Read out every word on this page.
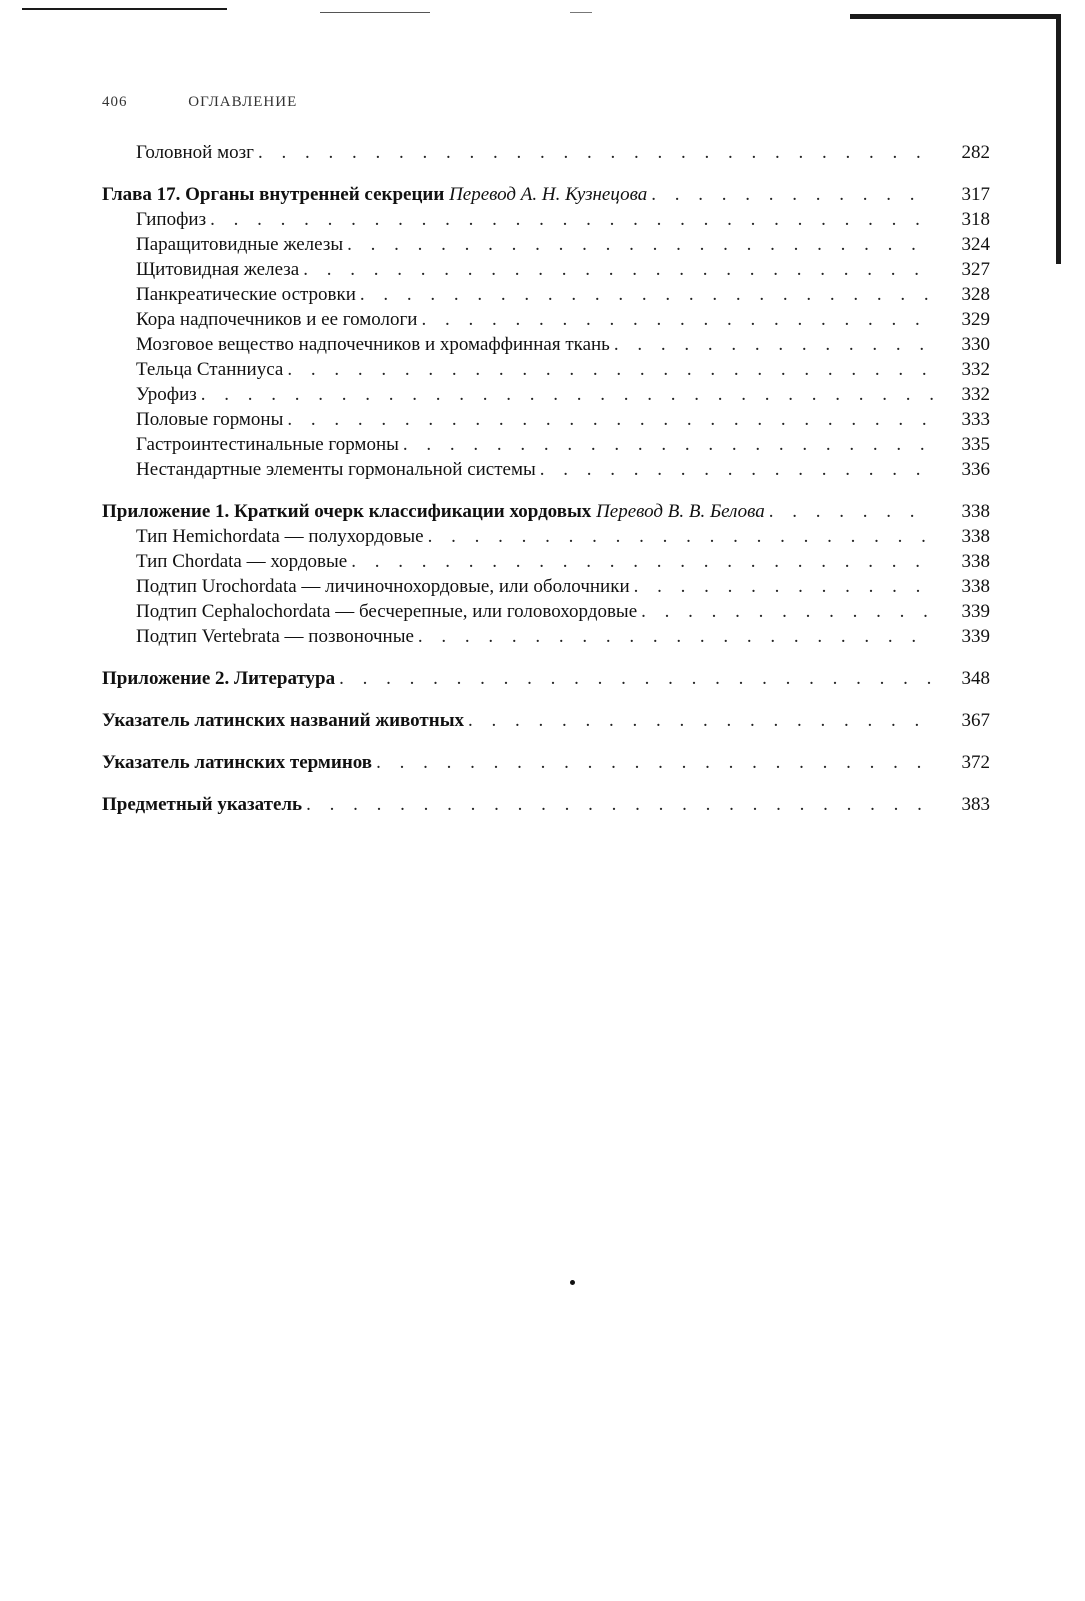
406	ОГЛАВЛЕНИЕ
Головной мозг . . .	282
Глава 17. Органы внутренней секреции Перевод А. Н. Кузнецова . . .	317
Гипофиз . . .	318
Паращитовидные железы . . .	324
Щитовидная железа . . .	327
Панкреатические островки . . .	328
Кора надпочечников и ее гомологи . . .	329
Мозговое вещество надпочечников и хромаффинная ткань . . .	330
Тельца Станниуса . . .	332
Урофиз . . .	332
Половые гормоны . . .	333
Гастроинтестинальные гормоны . . .	335
Нестандартные элементы гормональной системы . . .	336
Приложение 1. Краткий очерк классификации хордовых Перевод В. В. Белова . . .	338
Тип Hemichordata — полухордовые . . .	338
Тип Chordata — хордовые . . .	338
Подтип Urochordata — личиночнохордовые, или оболочники . . .	338
Подтип Cephalochordata — бесчерепные, или головохордовые . . .	339
Подтип Vertebrata — позвоночные . . .	339
Приложение 2. Литература . . .	348
Указатель латинских названий животных . . .	367
Указатель латинских терминов . . .	372
Предметный указатель . . .	383
